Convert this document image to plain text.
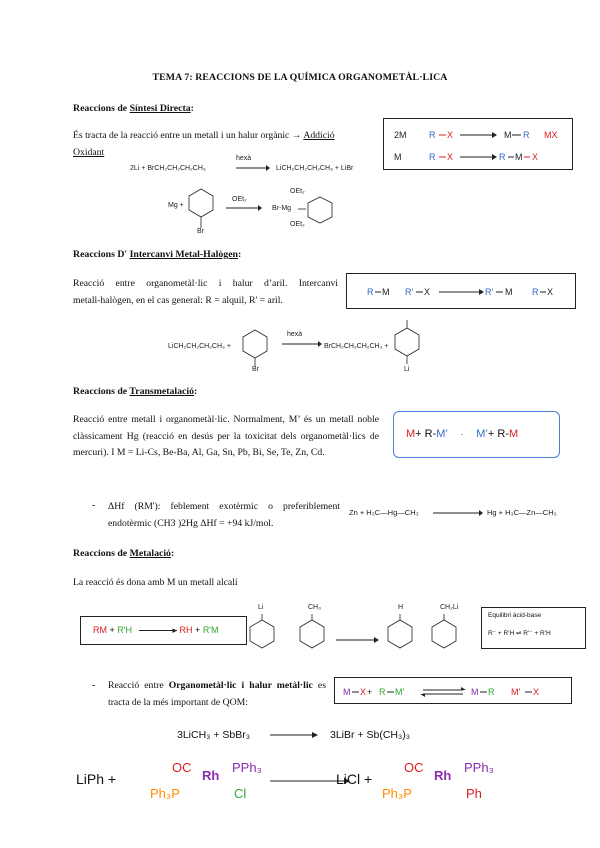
TEMA 7: REACCIONS DE LA QUÍMICA ORGANOMETÀL·LICA
Reaccions de Síntesi Directa:
És tracta de la reacció entre un metall i un halur orgànic → Addició
Oxidant
2Li + BrCH₂CH₂CH₂CH₃
hexà
LiCH₂CH₂CH₂CH₃ + LiBr
Mg +
Br
OEt₂
OEt₂
Br‑Mg
OEt₂
2M R X	M R MX
M	R X	R M X
Reaccions D' Intercanvi Metal‑Halògen:
Reacció entre organometàl·lic i halur d’aril. Intercanvi metall‑halògen, en el cas general: R = alquil, R' = aril.
R M R' X	R' M R X
LiCH₂CH₂CH₂CH₃ +
Br
hexà
BrCH₂CH₂CH₂CH₃ +
Li
Reaccions de Transmetalació:
Reacció entre metall i organometàl·lic. Normalment, M’ és un metall noble clàssicament Hg (reacció en desús per la toxicitat dels organometàl·lics de mercuri). I M = Li‑Cs, Be‑Ba, Al, Ga, Sn, Pb, Bi, Se, Te, Zn, Cd.
M+ R‑M’ · M’+ R‑M
- ΔHf (RM'): feblement exotèrmic o preferiblement endotèrmic (CH3 )2Hg ΔHf = +94 kJ/mol.
Zn + H₃C—Hg—CH₃	Hg + H₃C—Zn—CH₃
Reaccions de Metalació:
La reacció és dona amb M un metall alcalí
RM + R'H	▸ RH + R'M
Li	CH₃	H	CH₂Li
Equilibri àcid‑base
R⁻ + R'H ⇌ R'⁻ + R'H
- Reacció entre Organometàl·lic i halur metàl·lic es tracta de la més important de QOM:
M X + R M'	M R M' X
3LiCH₃ + SbBr₃	3LiBr + Sb(CH₃)₃
LiPh +
OC
Rh
PPh₃
Ph₃P	Cl
LiCl +
OC
Rh
PPh₃
Ph₃P	Ph
